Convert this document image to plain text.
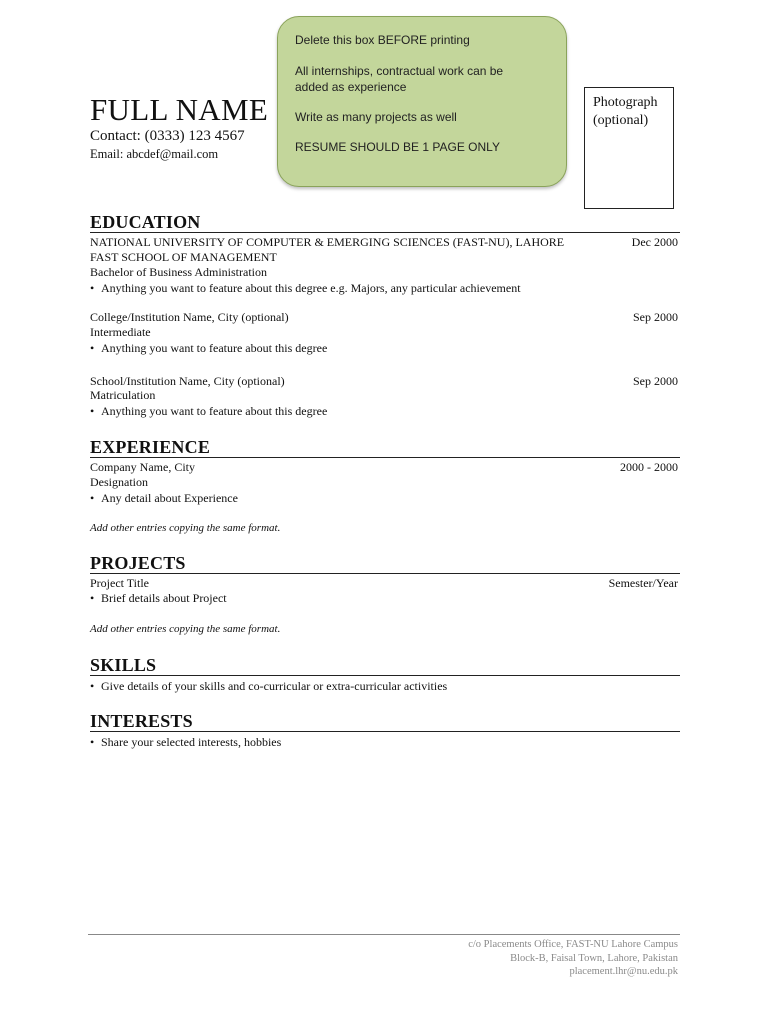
FULL NAME
Contact: (0333) 123 4567
Email: abcdef@mail.com
Delete this box BEFORE printing
All internships, contractual work can be
added as experience
Write as many projects as well
RESUME SHOULD BE 1 PAGE ONLY
Photograph
(optional)
EDUCATION
NATIONAL UNIVERSITY OF COMPUTER & EMERGING SCIENCES (FAST-NU), LAHORE	Dec 2000
FAST SCHOOL OF MANAGEMENT
Bachelor of Business Administration
• Anything you want to feature about this degree e.g. Majors, any particular achievement
College/Institution Name, City (optional)	Sep 2000
Intermediate
• Anything you want to feature about this degree
School/Institution Name, City (optional)	Sep 2000
Matriculation
• Anything you want to feature about this degree
EXPERIENCE
Company Name, City	2000 - 2000
Designation
• Any detail about Experience
Add other entries copying the same format.
PROJECTS
Project Title	Semester/Year
• Brief details about Project
Add other entries copying the same format.
SKILLS
• Give details of your skills and co-curricular or extra-curricular activities
INTERESTS
• Share your selected interests, hobbies
c/o Placements Office, FAST-NU Lahore Campus
Block-B, Faisal Town, Lahore, Pakistan
placement.lhr@nu.edu.pk
